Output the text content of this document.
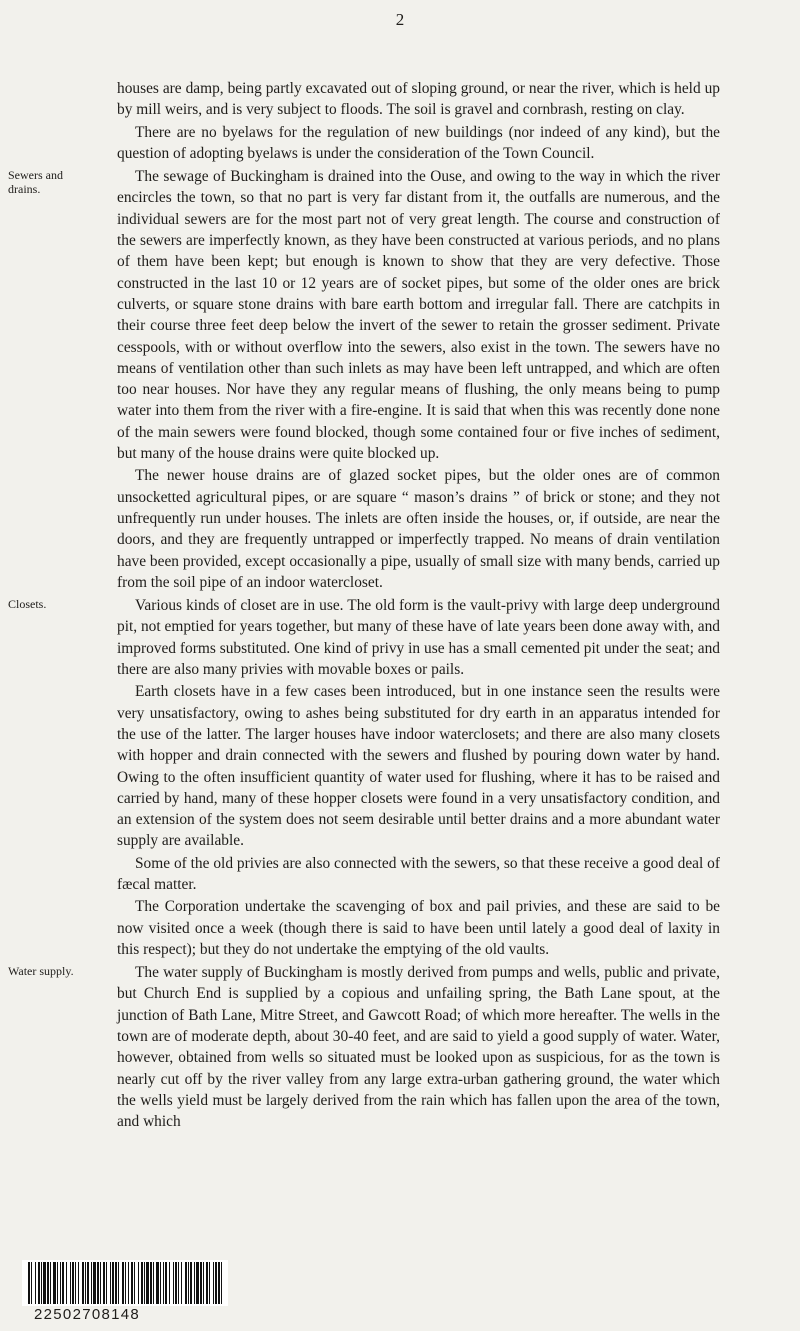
2

houses are damp, being partly excavated out of sloping ground, or near the river, which is held up by mill weirs, and is very subject to floods. The soil is gravel and cornbrash, resting on clay.

There are no byelaws for the regulation of new buildings (nor indeed of any kind), but the question of adopting byelaws is under the consideration of the Town Council.

Sewers and drains.

The sewage of Buckingham is drained into the Ouse, and owing to the way in which the river encircles the town, so that no part is very far distant from it, the outfalls are numerous, and the individual sewers are for the most part not of very great length. The course and construction of the sewers are imperfectly known, as they have been constructed at various periods, and no plans of them have been kept; but enough is known to show that they are very defective. Those constructed in the last 10 or 12 years are of socket pipes, but some of the older ones are brick culverts, or square stone drains with bare earth bottom and irregular fall. There are catchpits in their course three feet deep below the invert of the sewer to retain the grosser sediment. Private cesspools, with or without overflow into the sewers, also exist in the town. The sewers have no means of ventilation other than such inlets as may have been left untrapped, and which are often too near houses. Nor have they any regular means of flushing, the only means being to pump water into them from the river with a fire-engine. It is said that when this was recently done none of the main sewers were found blocked, though some contained four or five inches of sediment, but many of the house drains were quite blocked up.

The newer house drains are of glazed socket pipes, but the older ones are of common unsocketted agricultural pipes, or are square “ mason’s drains ” of brick or stone; and they not unfrequently run under houses. The inlets are often inside the houses, or, if outside, are near the doors, and they are frequently untrapped or imperfectly trapped. No means of drain ventilation have been provided, except occasionally a pipe, usually of small size with many bends, carried up from the soil pipe of an indoor watercloset.

Closets.	Various kinds of closet are in use. The old form is the vault-privy with large deep underground pit, not emptied for years together, but many of these have of late years been done away with, and improved forms substituted. One kind of privy in use has a small cemented pit under the seat; and there are also many privies with movable boxes or pails.

Earth closets have in a few cases been introduced, but in one instance seen the results were very unsatisfactory, owing to ashes being substituted for dry earth in an apparatus intended for the use of the latter. The larger houses have indoor waterclosets; and there are also many closets with hopper and drain connected with the sewers and flushed by pouring down water by hand. Owing to the often insufficient quantity of water used for flushing, where it has to be raised and carried by hand, many of these hopper closets were found in a very unsatisfactory condition, and an extension of the system does not seem desirable until better drains and a more abundant water supply are available.

Some of the old privies are also connected with the sewers, so that these receive a good deal of fæcal matter.

The Corporation undertake the scavenging of box and pail privies, and these are said to be now visited once a week (though there is said to have been until lately a good deal of laxity in this respect); but they do not undertake the emptying of the old vaults.

Water supply.	The water supply of Buckingham is mostly derived from pumps and wells, public and private, but Church End is supplied by a copious and unfailing spring, the Bath Lane spout, at the junction of Bath Lane, Mitre Street, and Gawcott Road; of which more hereafter. The wells in the town are of moderate depth, about 30-40 feet, and are said to yield a good supply of water. Water, however, obtained from wells so situated must be looked upon as suspicious, for as the town is nearly cut off by the river valley from any large extra-urban gathering ground, the water which the wells yield must be largely derived from the rain which has fallen upon the area of the town, and which

22502708148
